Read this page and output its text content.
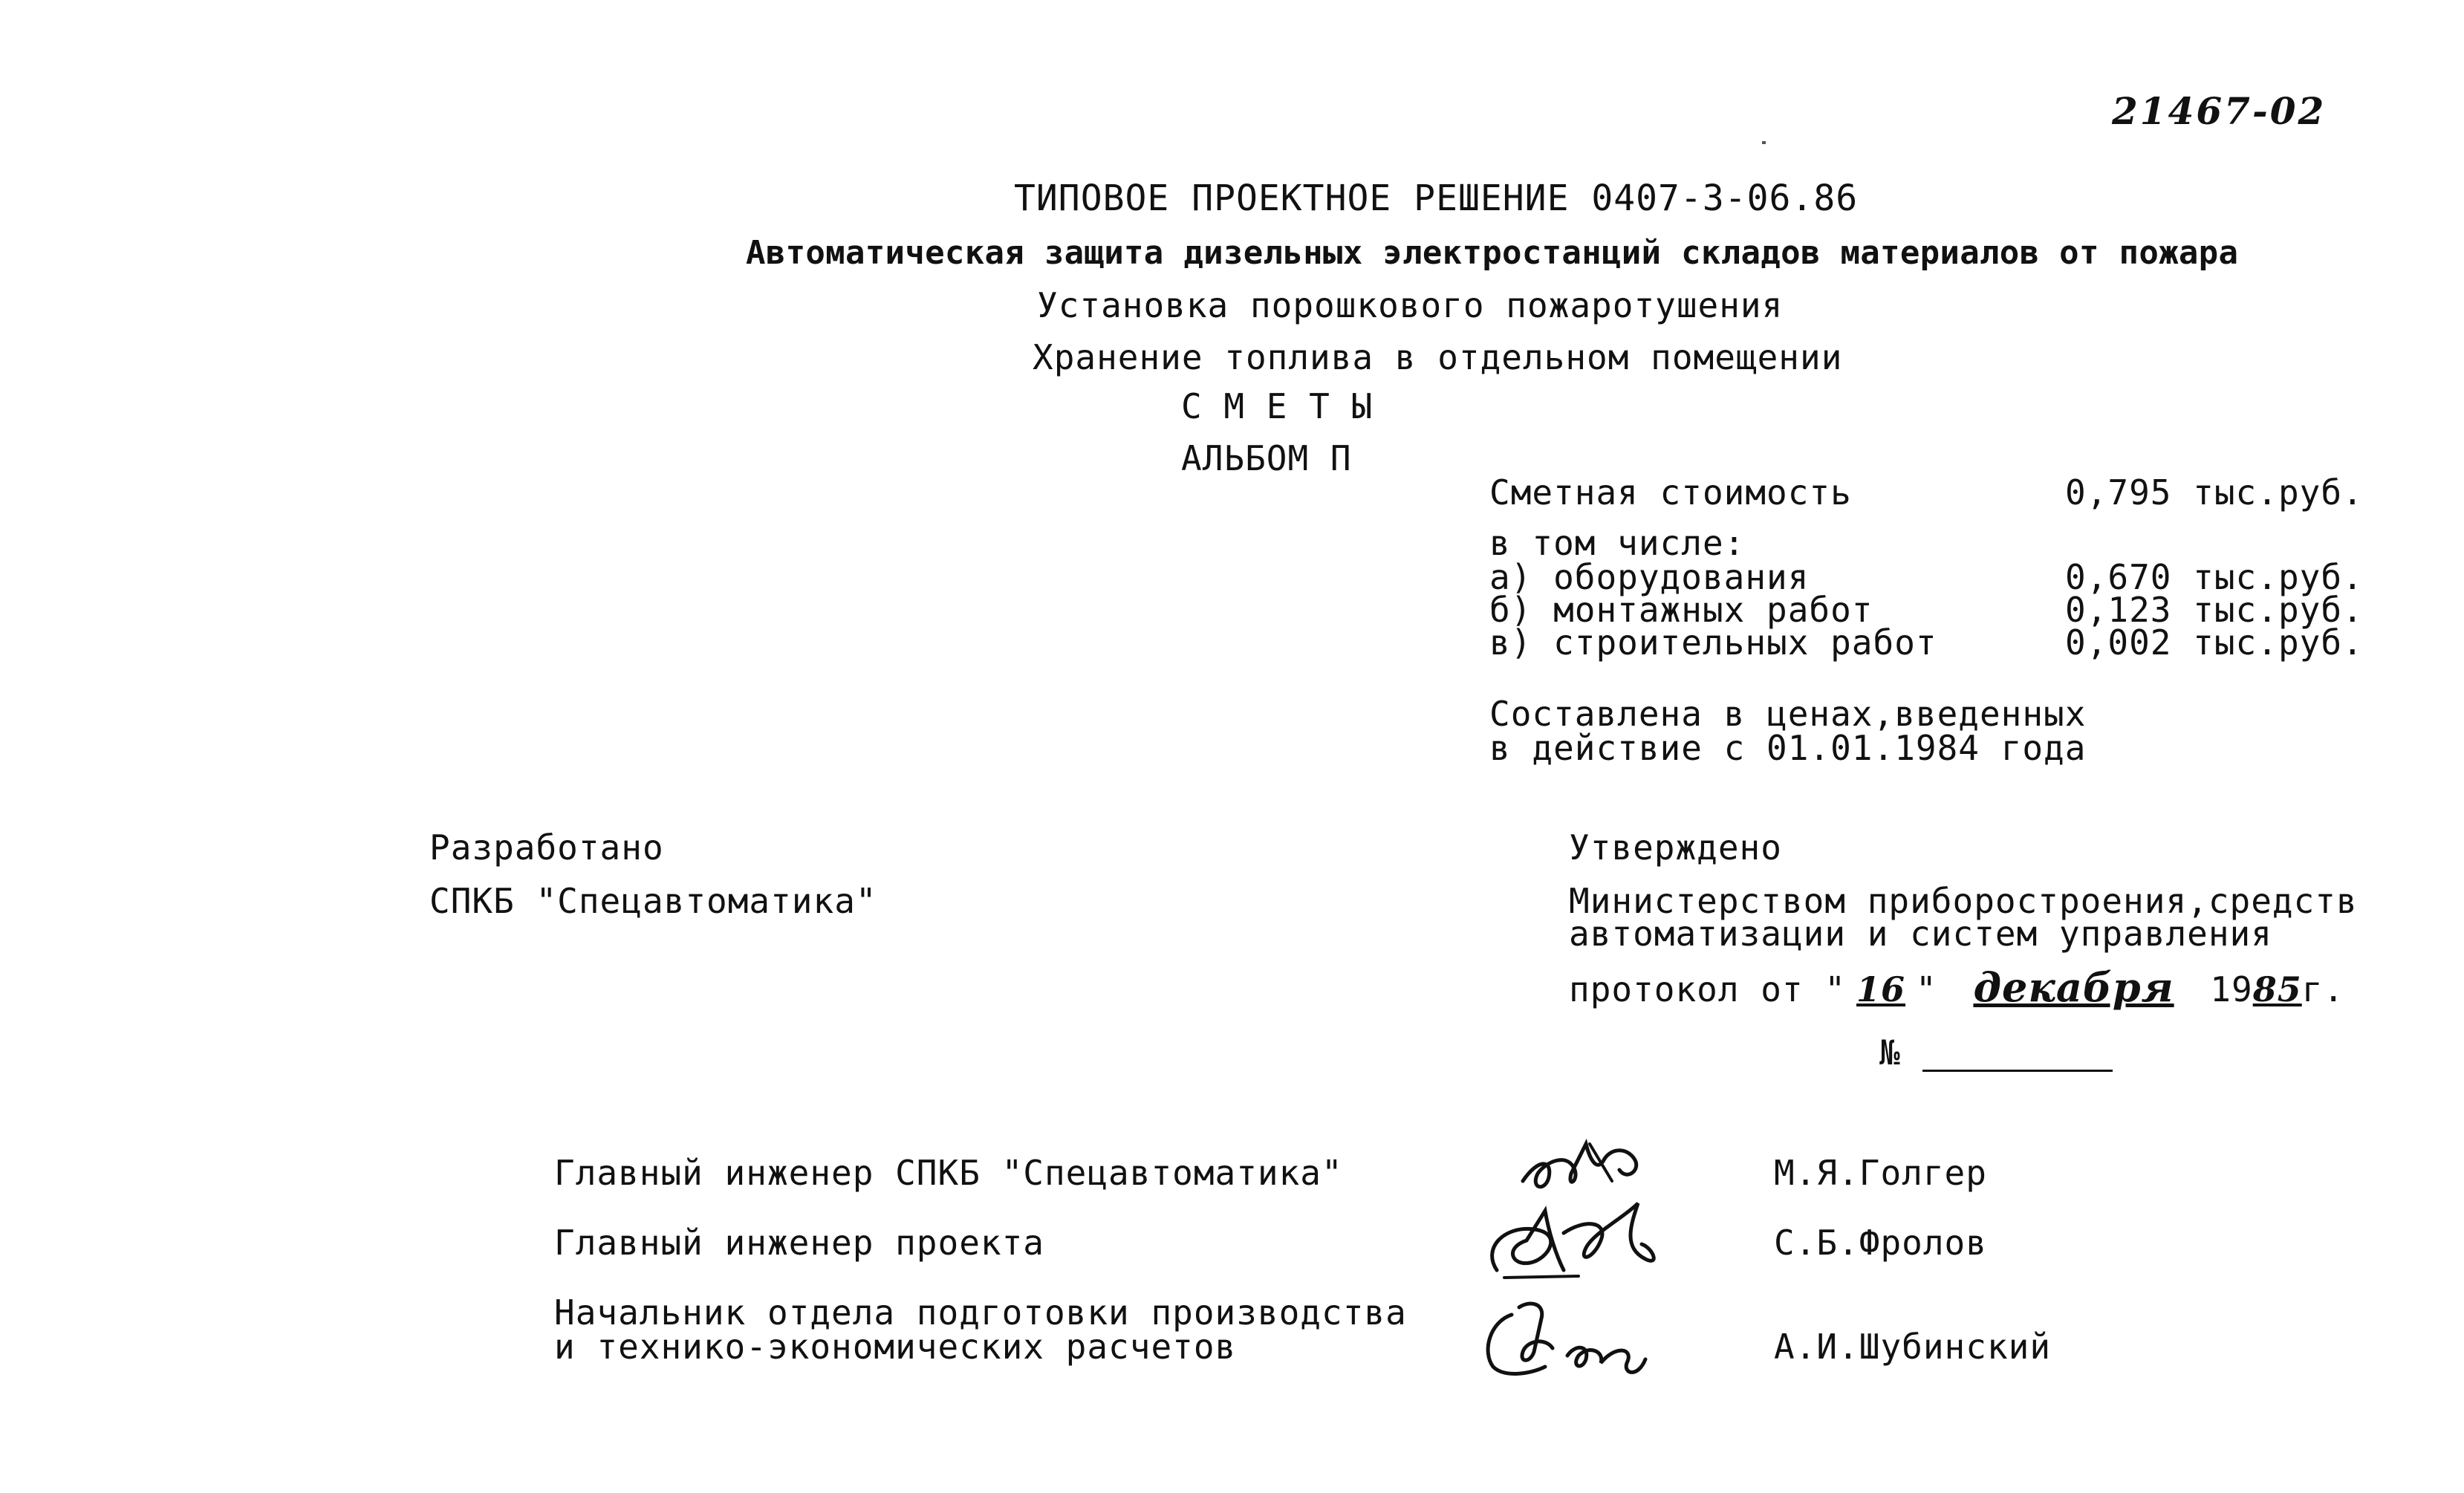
21467-02
ТИПОВОЕ ПРОЕКТНОЕ РЕШЕНИЕ 0407-3-06.86
Автоматическая защита дизельных электростанций складов материалов от пожара
Установка порошкового пожаротушения
Хранение топлива в отдельном помещении
С М Е Т Ы
АЛЬБОМ П
Сметная стоимость	0,795 тыс.руб.
в том числе:
а) оборудования	0,670 тыс.руб.
б) монтажных работ	0,123 тыс.руб.
в) строительных работ	0,002 тыс.руб.
Составлена в ценах,введенных
в действие с 01.01.1984 года
Разработано
СПКБ "Спецавтоматика"
Утверждено
Министерством приборостроения,средств
автоматизации и систем управления
протокол от " 16 " декабря 1985г.
№
Главный инженер СПКБ "Спецавтоматика"	М.Я.Голгер
Главный инженер проекта	С.Б.Фролов
Начальник отдела подготовки производства
и технико-экономических расчетов	А.И.Шубинский
